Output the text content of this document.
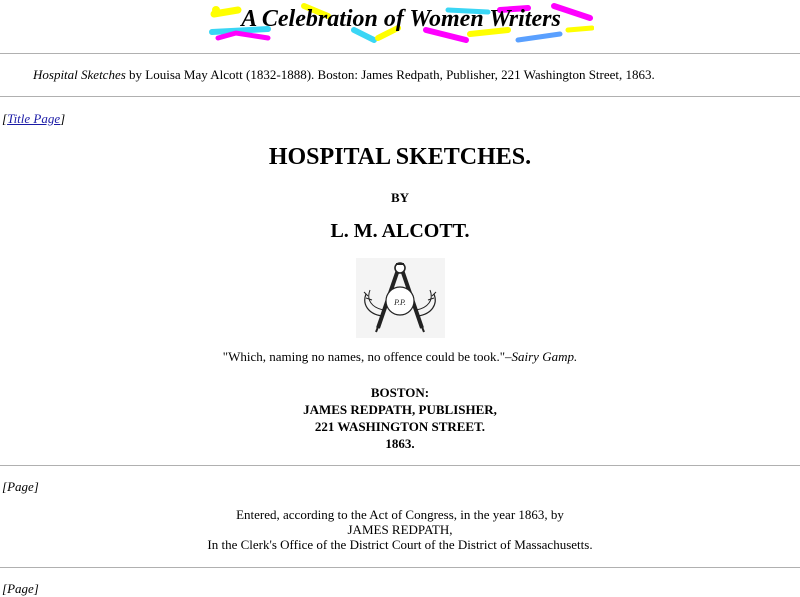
A Celebration of Women Writers
Hospital Sketches by Louisa May Alcott (1832-1888). Boston: James Redpath, Publisher, 221 Washington Street, 1863.
[Title Page]
HOSPITAL SKETCHES.
BY
L. M. ALCOTT.
P.P.
"Which, naming no names, no offence could be took."–Sairy Gamp.
BOSTON:
JAMES REDPATH, PUBLISHER,
221 WASHINGTON STREET.
1863.
[Page]
Entered, according to the Act of Congress, in the year 1863, by
JAMES REDPATH,
In the Clerk's Office of the District Court of the District of Massachusetts.
[Page]
